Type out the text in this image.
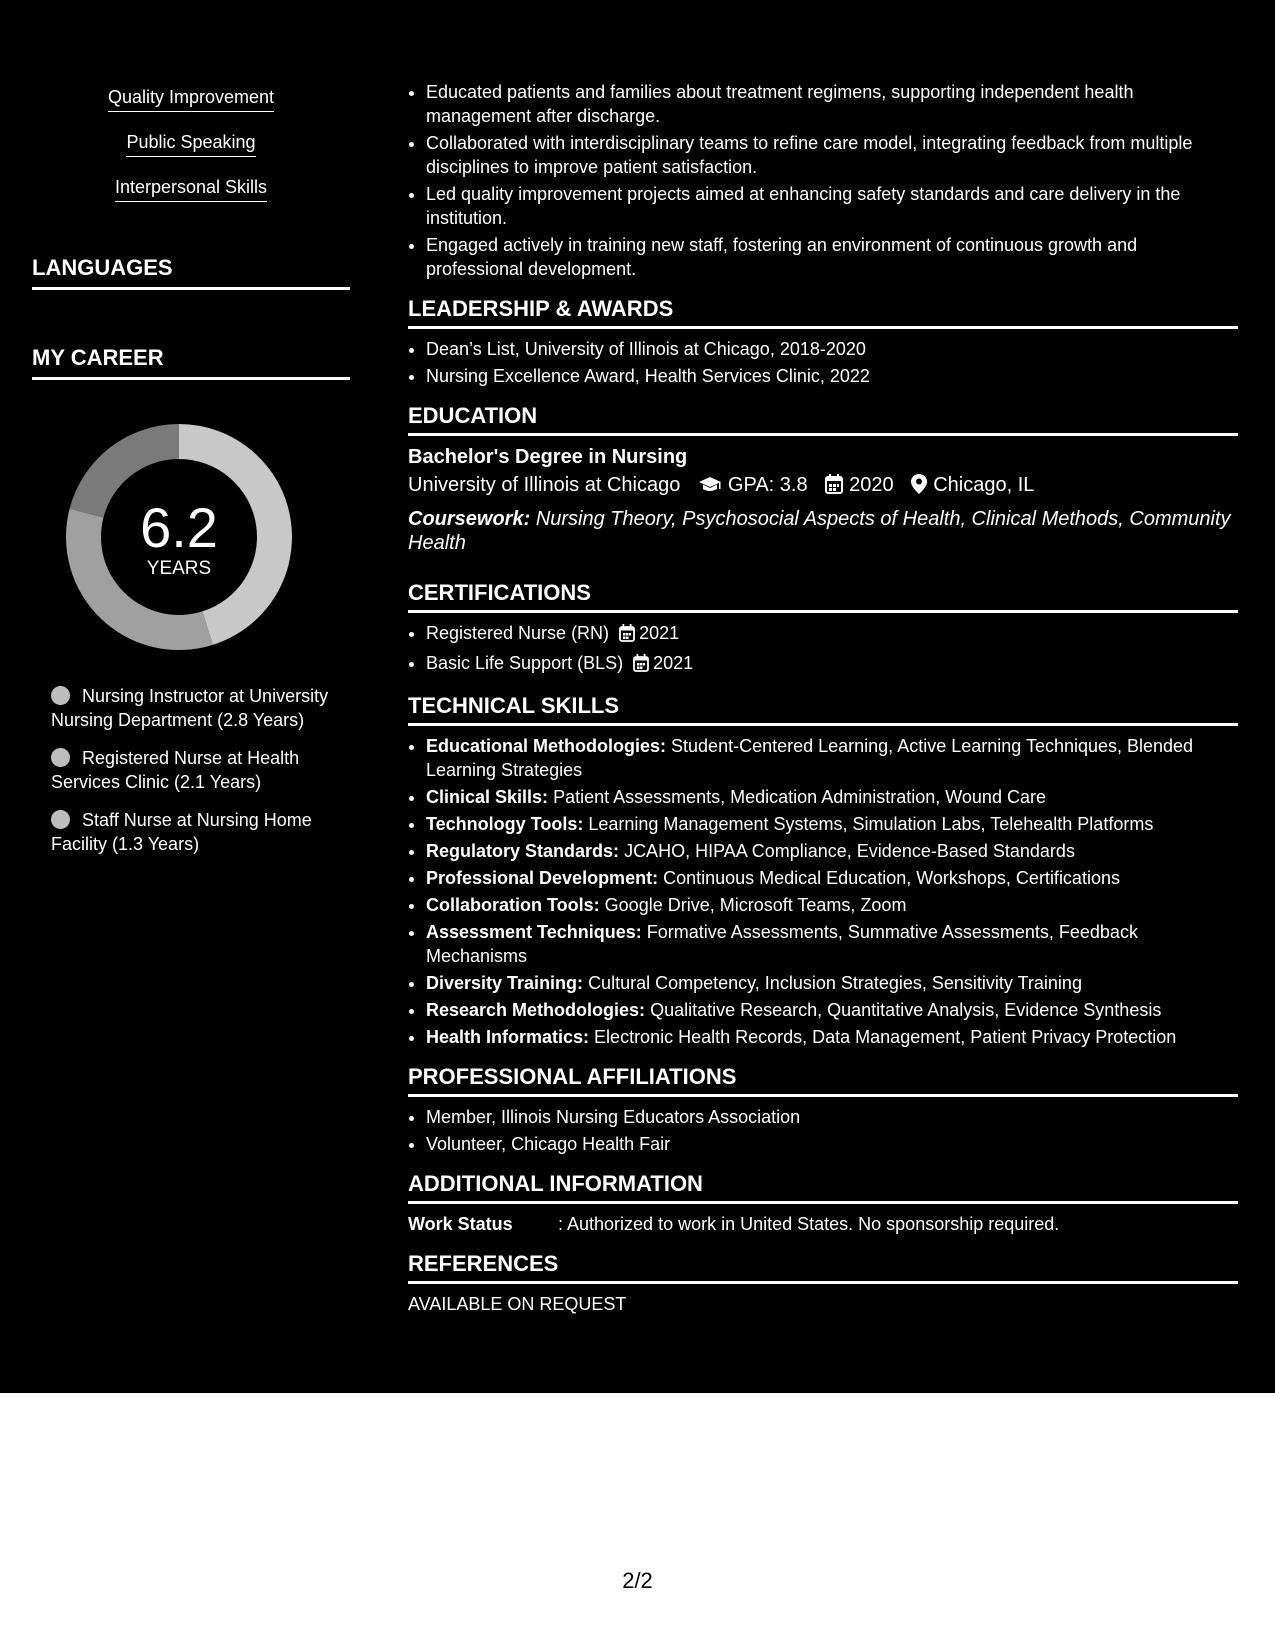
Quality Improvement
Public Speaking
Interpersonal Skills
LANGUAGES
MY CAREER
6.2
YEARS
Nursing Instructor at University Nursing Department (2.8 Years)
Registered Nurse at Health Services Clinic (2.1 Years)
Staff Nurse at Nursing Home Facility (1.3 Years)
• Educated patients and families about treatment regimens, supporting independent health management after discharge.
• Collaborated with interdisciplinary teams to refine care model, integrating feedback from multiple disciplines to improve patient satisfaction.
• Led quality improvement projects aimed at enhancing safety standards and care delivery in the institution.
• Engaged actively in training new staff, fostering an environment of continuous growth and professional development.
LEADERSHIP & AWARDS
• Dean’s List, University of Illinois at Chicago, 2018-2020
• Nursing Excellence Award, Health Services Clinic, 2022
EDUCATION
Bachelor's Degree in Nursing
University of Illinois at Chicago GPA: 3.8 2020 Chicago, IL
Coursework: Nursing Theory, Psychosocial Aspects of Health, Clinical Methods, Community Health
CERTIFICATIONS
• Registered Nurse (RN) 2021
• Basic Life Support (BLS) 2021
TECHNICAL SKILLS
• Educational Methodologies: Student-Centered Learning, Active Learning Techniques, Blended Learning Strategies
• Clinical Skills: Patient Assessments, Medication Administration, Wound Care
• Technology Tools: Learning Management Systems, Simulation Labs, Telehealth Platforms
• Regulatory Standards: JCAHO, HIPAA Compliance, Evidence-Based Standards
• Professional Development: Continuous Medical Education, Workshops, Certifications
• Collaboration Tools: Google Drive, Microsoft Teams, Zoom
• Assessment Techniques: Formative Assessments, Summative Assessments, Feedback Mechanisms
• Diversity Training: Cultural Competency, Inclusion Strategies, Sensitivity Training
• Research Methodologies: Qualitative Research, Quantitative Analysis, Evidence Synthesis
• Health Informatics: Electronic Health Records, Data Management, Patient Privacy Protection
PROFESSIONAL AFFILIATIONS
• Member, Illinois Nursing Educators Association
• Volunteer, Chicago Health Fair
ADDITIONAL INFORMATION
Work Status	: Authorized to work in United States. No sponsorship required.
REFERENCES
AVAILABLE ON REQUEST
2/2
